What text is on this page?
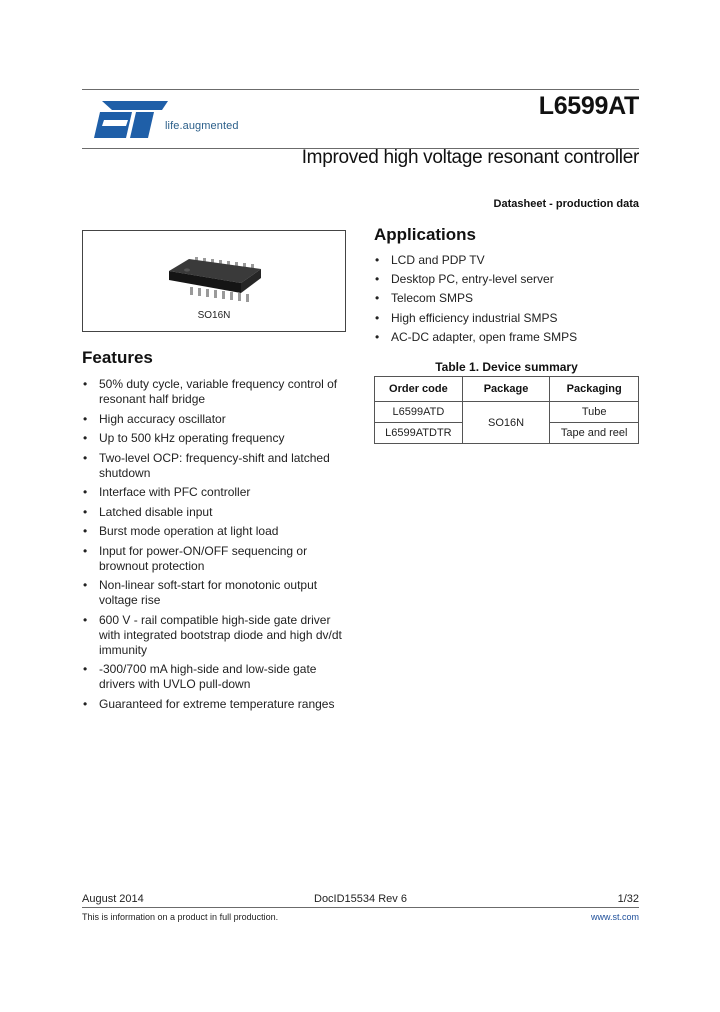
life.augmented
L6599AT
Improved high voltage resonant controller
Datasheet - production data
SO16N
Features
• 50% duty cycle, variable frequency control of resonant half bridge
• High accuracy oscillator
• Up to 500 kHz operating frequency
• Two-level OCP: frequency-shift and latched shutdown
• Interface with PFC controller
• Latched disable input
• Burst mode operation at light load
• Input for power-ON/OFF sequencing or brownout protection
• Non-linear soft-start for monotonic output voltage rise
• 600 V - rail compatible high-side gate driver with integrated bootstrap diode and high dv/dt immunity
• -300/700 mA high-side and low-side gate drivers with UVLO pull-down
• Guaranteed for extreme temperature ranges
Applications
• LCD and PDP TV
• Desktop PC, entry-level server
• Telecom SMPS
• High efficiency industrial SMPS
• AC-DC adapter, open frame SMPS
Table 1. Device summary
Order code	Package	Packaging
L6599ATD	SO16N	Tube
L6599ATDTR		Tape and reel
August 2014	DocID15534 Rev 6	1/32
This is information on a product in full production.	www.st.com
